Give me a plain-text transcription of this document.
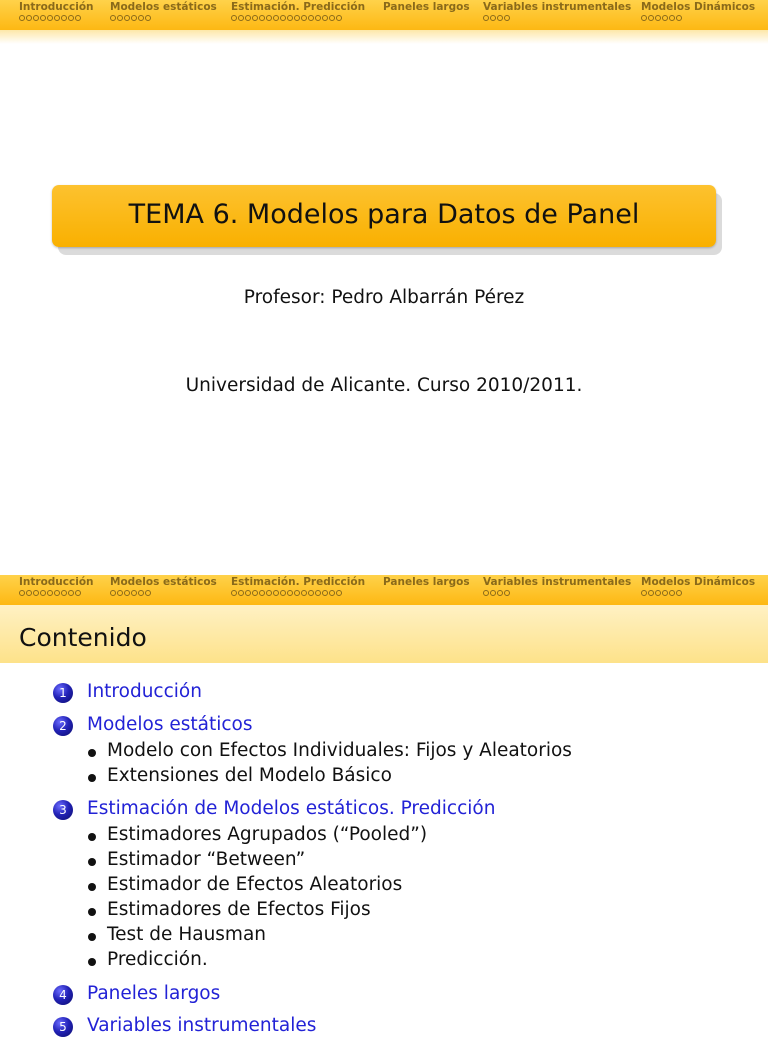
Introducción Modelos estáticos Estimación. Predicción Paneles largos Variables instrumentales Modelos Dinámicos
TEMA 6. Modelos para Datos de Panel
Profesor: Pedro Albarrán Pérez
Universidad de Alicante. Curso 2010/2011.
Introducción Modelos estáticos Estimación. Predicción Paneles largos Variables instrumentales Modelos Dinámicos
Contenido
1	Introducción
2	Modelos estáticos
Modelo con Efectos Individuales: Fijos y Aleatorios
Extensiones del Modelo Básico
3	Estimación de Modelos estáticos. Predicción
Estimadores Agrupados (“Pooled”)
Estimador “Between”
Estimador de Efectos Aleatorios
Estimadores de Efectos Fijos
Test de Hausman
Predicción.
4	Paneles largos
5	Variables instrumentales
